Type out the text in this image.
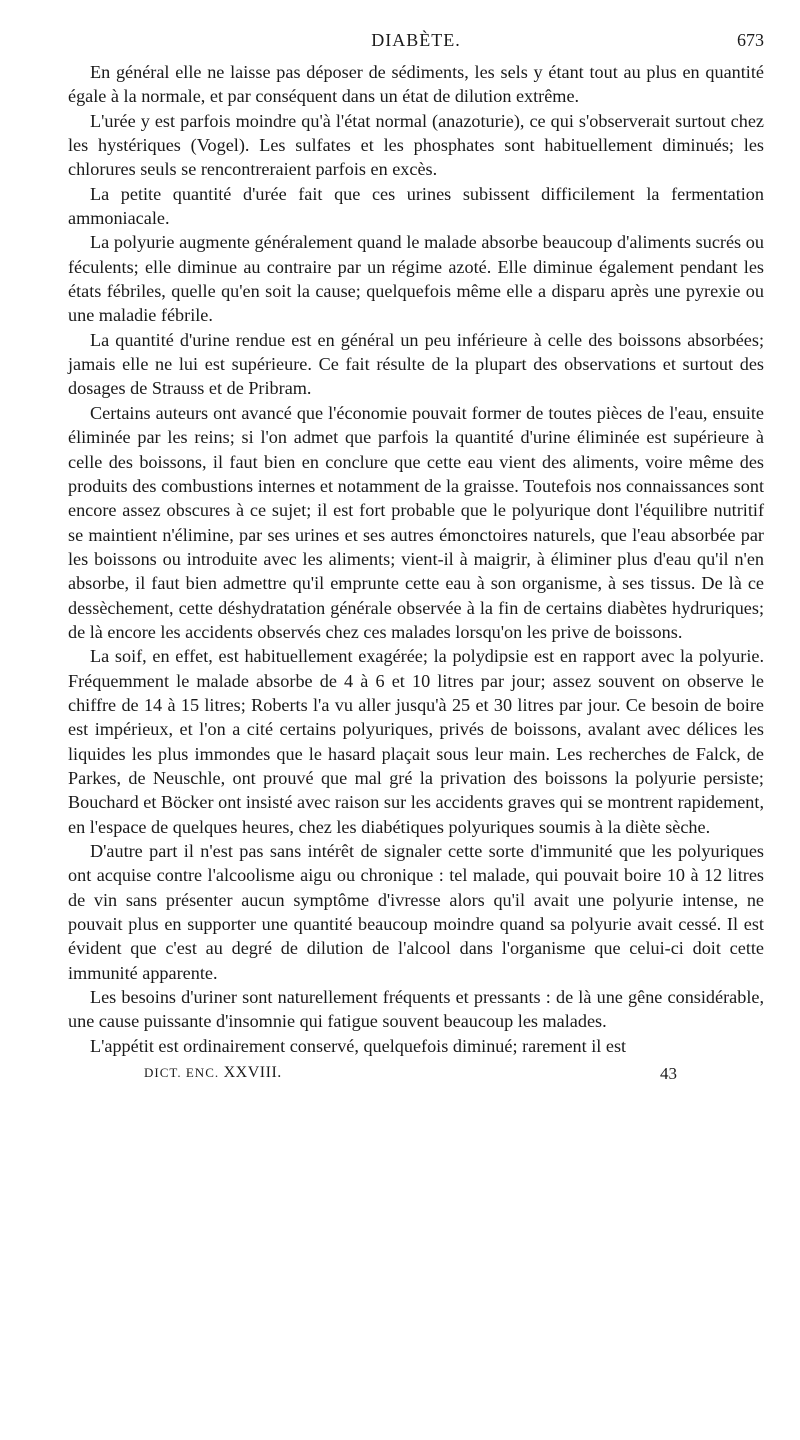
DIABÈTE.	673

En général elle ne laisse pas déposer de sédiments, les sels y étant tout au plus en quantité égale à la normale, et par conséquent dans un état de dilution extrême.

L'urée y est parfois moindre qu'à l'état normal (anazoturie), ce qui s'observerait surtout chez les hystériques (Vogel). Les sulfates et les phosphates sont habituellement diminués; les chlorures seuls se rencontreraient parfois en excès.

La petite quantité d'urée fait que ces urines subissent difficilement la fermentation ammoniacale.

La polyurie augmente généralement quand le malade absorbe beaucoup d'aliments sucrés ou féculents; elle diminue au contraire par un régime azoté. Elle diminue également pendant les états fébriles, quelle qu'en soit la cause; quelquefois même elle a disparu après une pyrexie ou une maladie fébrile.

La quantité d'urine rendue est en général un peu inférieure à celle des boissons absorbées; jamais elle ne lui est supérieure. Ce fait résulte de la plupart des observations et surtout des dosages de Strauss et de Pribram.

Certains auteurs ont avancé que l'économie pouvait former de toutes pièces de l'eau, ensuite éliminée par les reins; si l'on admet que parfois la quantité d'urine éliminée est supérieure à celle des boissons, il faut bien en conclure que cette eau vient des aliments, voire même des produits des combustions internes et notamment de la graisse. Toutefois nos connaissances sont encore assez obscures à ce sujet; il est fort probable que le polyurique dont l'équilibre nutritif se maintient n'élimine, par ses urines et ses autres émonctoires naturels, que l'eau absorbée par les boissons ou introduite avec les aliments; vient-il à maigrir, à éliminer plus d'eau qu'il n'en absorbe, il faut bien admettre qu'il emprunte cette eau à son organisme, à ses tissus. De là ce dessèchement, cette déshydratation générale observée à la fin de certains diabètes hydruriques; de là encore les accidents observés chez ces malades lorsqu'on les prive de boissons.

La soif, en effet, est habituellement exagérée; la polydipsie est en rapport avec la polyurie. Fréquemment le malade absorbe de 4 à 6 et 10 litres par jour; assez souvent on observe le chiffre de 14 à 15 litres; Roberts l'a vu aller jusqu'à 25 et 30 litres par jour. Ce besoin de boire est impérieux, et l'on a cité certains polyuriques, privés de boissons, avalant avec délices les liquides les plus immondes que le hasard plaçait sous leur main. Les recherches de Falck, de Parkes, de Neuschle, ont prouvé que mal gré la privation des boissons la polyurie persiste; Bouchard et Böcker ont insisté avec raison sur les accidents graves qui se montrent rapidement, en l'espace de quelques heures, chez les diabétiques polyuriques soumis à la diète sèche.

D'autre part il n'est pas sans intérêt de signaler cette sorte d'immunité que les polyuriques ont acquise contre l'alcoolisme aigu ou chronique : tel malade, qui pouvait boire 10 à 12 litres de vin sans présenter aucun symptôme d'ivresse alors qu'il avait une polyurie intense, ne pouvait plus en supporter une quantité beaucoup moindre quand sa polyurie avait cessé. Il est évident que c'est au degré de dilution de l'alcool dans l'organisme que celui-ci doit cette immunité apparente.

Les besoins d'uriner sont naturellement fréquents et pressants : de là une gêne considérable, une cause puissante d'insomnie qui fatigue souvent beaucoup les malades.

L'appétit est ordinairement conservé, quelquefois diminué; rarement il est

DICT. ENC. XXVIII.	43
